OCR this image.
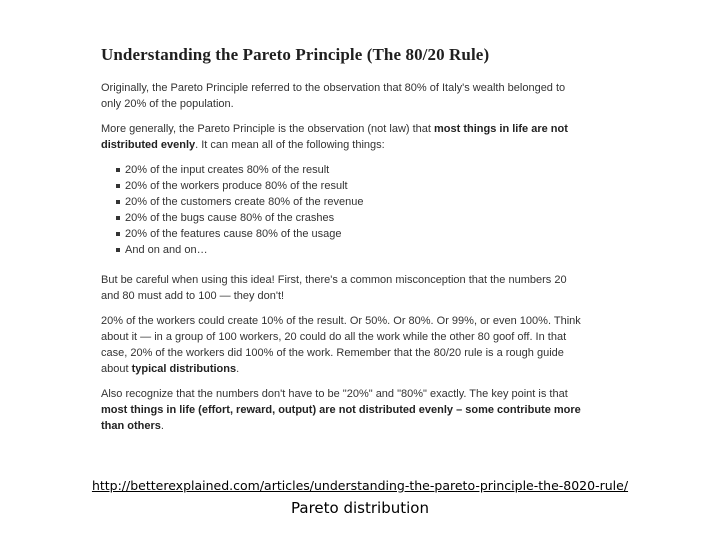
Understanding the Pareto Principle (The 80/20 Rule)

Originally, the Pareto Principle referred to the observation that 80% of Italy's wealth belonged to only 20% of the population.

More generally, the Pareto Principle is the observation (not law) that most things in life are not distributed evenly. It can mean all of the following things:

20% of the input creates 80% of the result
20% of the workers produce 80% of the result
20% of the customers create 80% of the revenue
20% of the bugs cause 80% of the crashes
20% of the features cause 80% of the usage
And on and on…

But be careful when using this idea! First, there's a common misconception that the numbers 20 and 80 must add to 100 — they don't!

20% of the workers could create 10% of the result. Or 50%. Or 80%. Or 99%, or even 100%. Think about it — in a group of 100 workers, 20 could do all the work while the other 80 goof off. In that case, 20% of the workers did 100% of the work. Remember that the 80/20 rule is a rough guide about typical distributions.

Also recognize that the numbers don't have to be "20%" and "80%" exactly. The key point is that most things in life (effort, reward, output) are not distributed evenly – some contribute more than others.

http://betterexplained.com/articles/understanding-the-pareto-principle-the-8020-rule/
Pareto distribution
